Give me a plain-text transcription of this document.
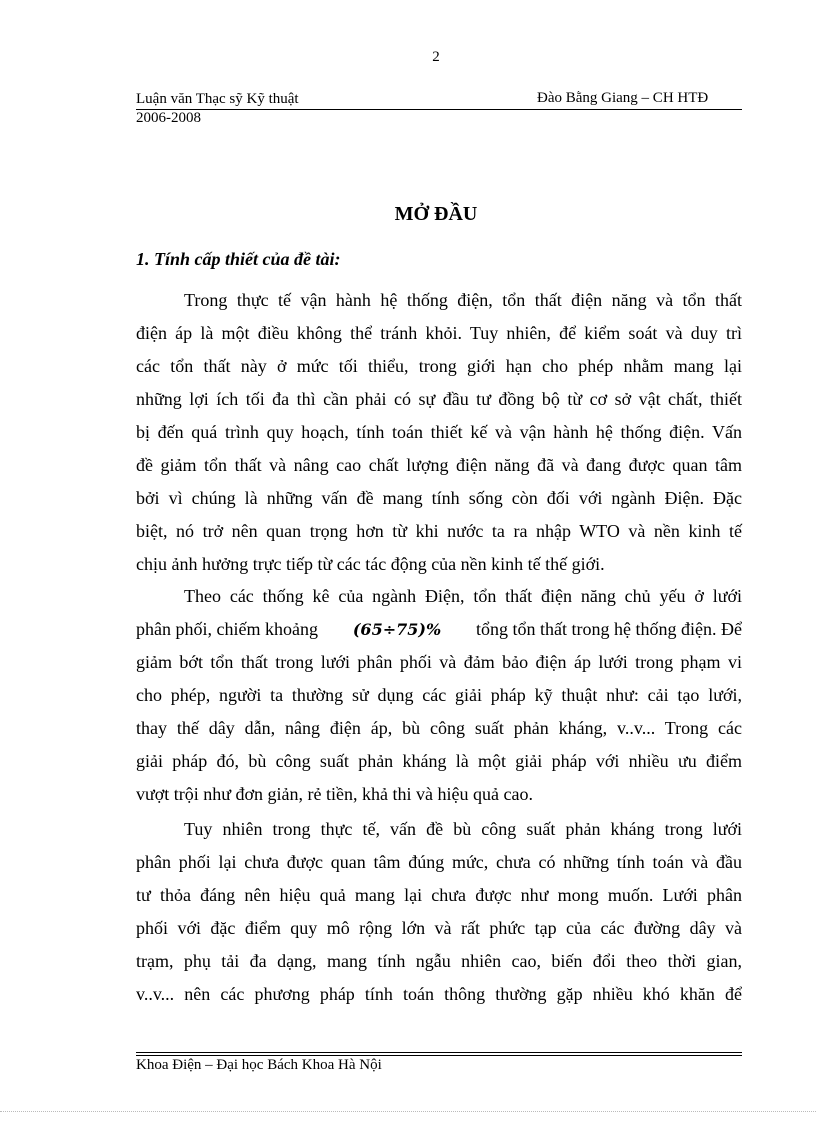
2
Luận văn Thạc sỹ Kỹ thuật
2006-2008
Đào Bằng Giang – CH HTĐ
MỞ ĐẦU
1. Tính cấp thiết của đề tài:
Trong thực tế vận hành hệ thống điện, tổn thất điện năng và tổn thất
điện áp là một điều không thể tránh khỏi. Tuy nhiên, để kiểm soát và duy trì
các tổn thất này ở mức tối thiểu, trong giới hạn cho phép nhằm mang lại
những lợi ích tối đa thì cần phải có sự đầu tư đồng bộ từ cơ sở vật chất, thiết
bị đến quá trình quy hoạch, tính toán thiết kế và vận hành hệ thống điện. Vấn
đề giảm tổn thất và nâng cao chất lượng điện năng đã và đang được quan tâm
bởi vì chúng là những vấn đề mang tính sống còn đối với ngành Điện. Đặc
biệt, nó trở nên quan trọng hơn từ khi nước ta ra nhập WTO và nền kinh tế
chịu ảnh hưởng trực tiếp từ các tác động của nền kinh tế thế giới.
Theo các thống kê của ngành Điện, tổn thất điện năng chủ yếu ở lưới
phân phối, chiếm khoảng (65÷75)% tổng tổn thất trong hệ thống điện. Để
giảm bớt tổn thất trong lưới phân phối và đảm bảo điện áp lưới trong phạm vi
cho phép, người ta thường sử dụng các giải pháp kỹ thuật như: cải tạo lưới,
thay thế dây dẫn, nâng điện áp, bù công suất phản kháng, v..v... Trong các
giải pháp đó, bù công suất phản kháng là một giải pháp với nhiều ưu điểm
vượt trội như đơn giản, rẻ tiền, khả thi và hiệu quả cao.
Tuy nhiên trong thực tế, vấn đề bù công suất phản kháng trong lưới
phân phối lại chưa được quan tâm đúng mức, chưa có những tính toán và đầu
tư thỏa đáng nên hiệu quả mang lại chưa được như mong muốn. Lưới phân
phối với đặc điểm quy mô rộng lớn và rất phức tạp của các đường dây và
trạm, phụ tải đa dạng, mang tính ngẫu nhiên cao, biến đổi theo thời gian,
v..v... nên các phương pháp tính toán thông thường gặp nhiều khó khăn để
Khoa Điện – Đại học Bách Khoa Hà Nội
